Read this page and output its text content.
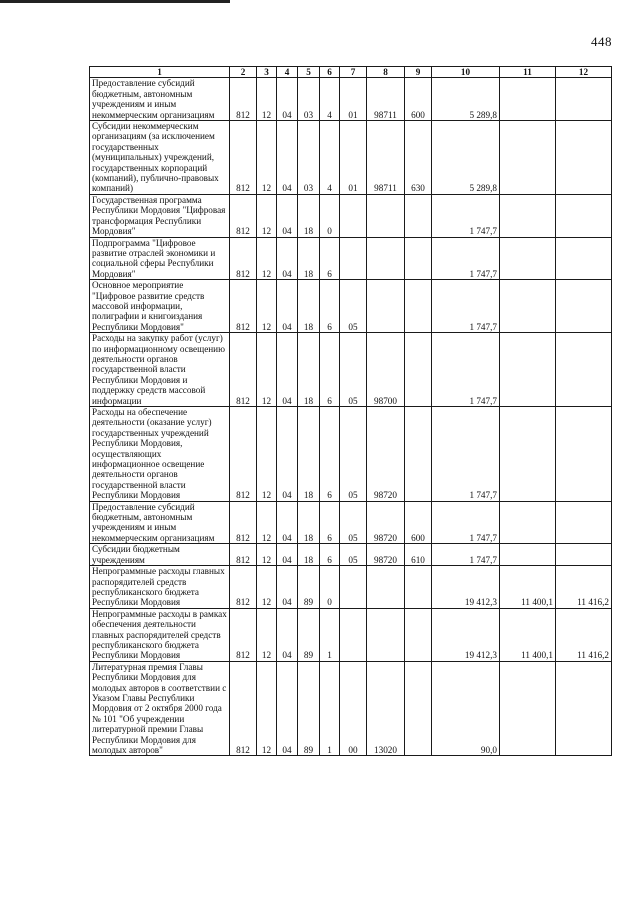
448
1	2	3	4	5	6	7	8	9	10	11	12
Предоставление субсидий бюджетным, автономным учреждениям и иным некоммерческим организациям	812	12	04	03	4	01	98711	600	5 289,8		
Субсидии некоммерческим организациям (за исключением государственных (муниципальных) учреждений, государственных корпораций (компаний), публично-правовых компаний)	812	12	04	03	4	01	98711	630	5 289,8		
Государственная программа Республики Мордовия "Цифровая трансформация Республики Мордовия"	812	12	04	18	0				1 747,7		
Подпрограмма "Цифровое развитие отраслей экономики и социальной сферы Республики Мордовия"	812	12	04	18	6				1 747,7		
Основное мероприятие "Цифровое развитие средств массовой информации, полиграфии и книгоиздания Республики Мордовия"	812	12	04	18	6	05			1 747,7		
Расходы на закупку работ (услуг) по информационному освещению деятельности органов государственной власти Республики Мордовия и поддержку средств массовой информации	812	12	04	18	6	05	98700		1 747,7		
Расходы на обеспечение деятельности (оказание услуг) государственных учреждений Республики Мордовия, осуществляющих информационное освещение деятельности органов государственной власти Республики Мордовия	812	12	04	18	6	05	98720		1 747,7		
Предоставление субсидий бюджетным, автономным учреждениям и иным некоммерческим организациям	812	12	04	18	6	05	98720	600	1 747,7		
Субсидии бюджетным учреждениям	812	12	04	18	6	05	98720	610	1 747,7		
Непрограммные расходы главных распорядителей средств республиканского бюджета Республики Мордовия	812	12	04	89	0				19 412,3	11 400,1	11 416,2
Непрограммные расходы в рамках обеспечения деятельности главных распорядителей средств республиканского бюджета Республики Мордовия	812	12	04	89	1				19 412,3	11 400,1	11 416,2
Литературная премия Главы Республики Мордовия для молодых авторов в соответствии с Указом Главы Республики Мордовия от 2 октября 2000 года № 101 "Об учреждении литературной премии Главы Республики Мордовия для молодых авторов"	812	12	04	89	1	00	13020		90,0		
